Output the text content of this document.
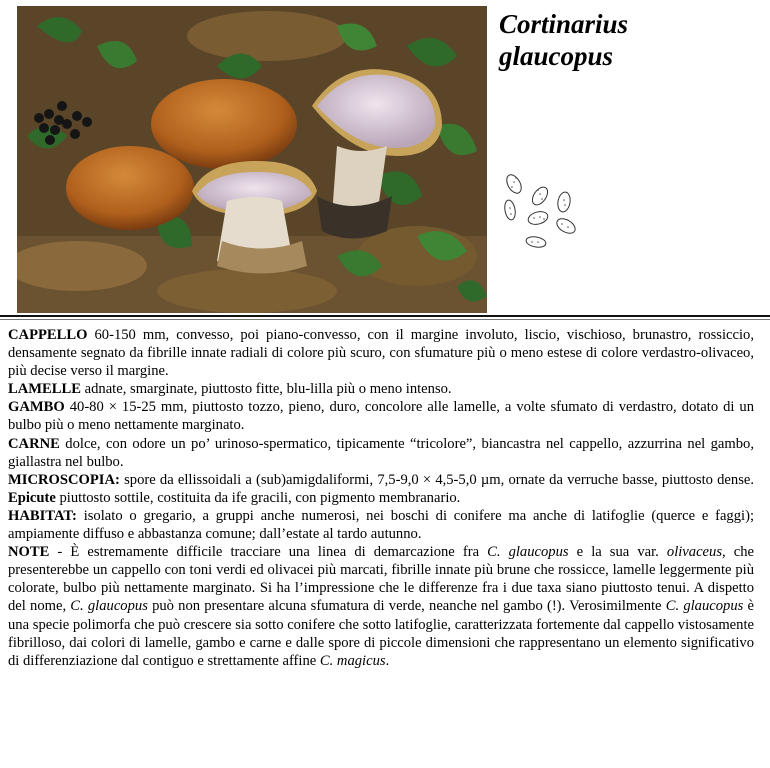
Cortinarius
glaucopus

CAPPELLO 60-150 mm, convesso, poi piano-convesso, con il margine involuto, liscio, vischioso, brunastro, rossiccio, densamente segnato da fibrille innate radiali di colore più scuro, con sfumature più o meno estese di colore verdastro-olivaceo, più decise verso il margine.

LAMELLE adnate, smarginate, piuttosto fitte, blu-lilla più o meno intenso.

GAMBO 40-80 × 15-25 mm, piuttosto tozzo, pieno, duro, concolore alle lamelle, a volte sfumato di verdastro, dotato di un bulbo più o meno nettamente marginato.

CARNE dolce, con odore un po’ urinoso-spermatico, tipicamente “tricolore”, biancastra nel cappello, azzurrina nel gambo, giallastra nel bulbo.

MICROSCOPIA: spore da ellissoidali a (sub)amigdaliformi, 7,5-9,0 × 4,5-5,0 µm, ornate da verruche basse, piuttosto dense. Epicute piuttosto sottile, costituita da ife gracili, con pigmento membranario.

HABITAT: isolato o gregario, a gruppi anche numerosi, nei boschi di conifere ma anche di latifoglie (querce e faggi); ampiamente diffuso e abbastanza comune; dall’estate al tardo autunno.

NOTE - È estremamente difficile tracciare una linea di demarcazione fra C. glaucopus e la sua var. olivaceus, che presenterebbe un cappello con toni verdi ed olivacei più marcati, fibrille innate più brune che rossicce, lamelle leggermente più colorate, bulbo più nettamente marginato. Si ha l’impressione che le differenze fra i due taxa siano piuttosto tenui. A dispetto del nome, C. glaucopus può non presentare alcuna sfumatura di verde, neanche nel gambo (!). Verosimilmente C. glaucopus è una specie polimorfa che può crescere sia sotto conifere che sotto latifoglie, caratterizzata fortemente dal cappello vistosamente fibrilloso, dai colori di lamelle, gambo e carne e dalle spore di piccole dimensioni che rappresentano un elemento significativo di differenziazione dal contiguo e strettamente affine C. magicus.
